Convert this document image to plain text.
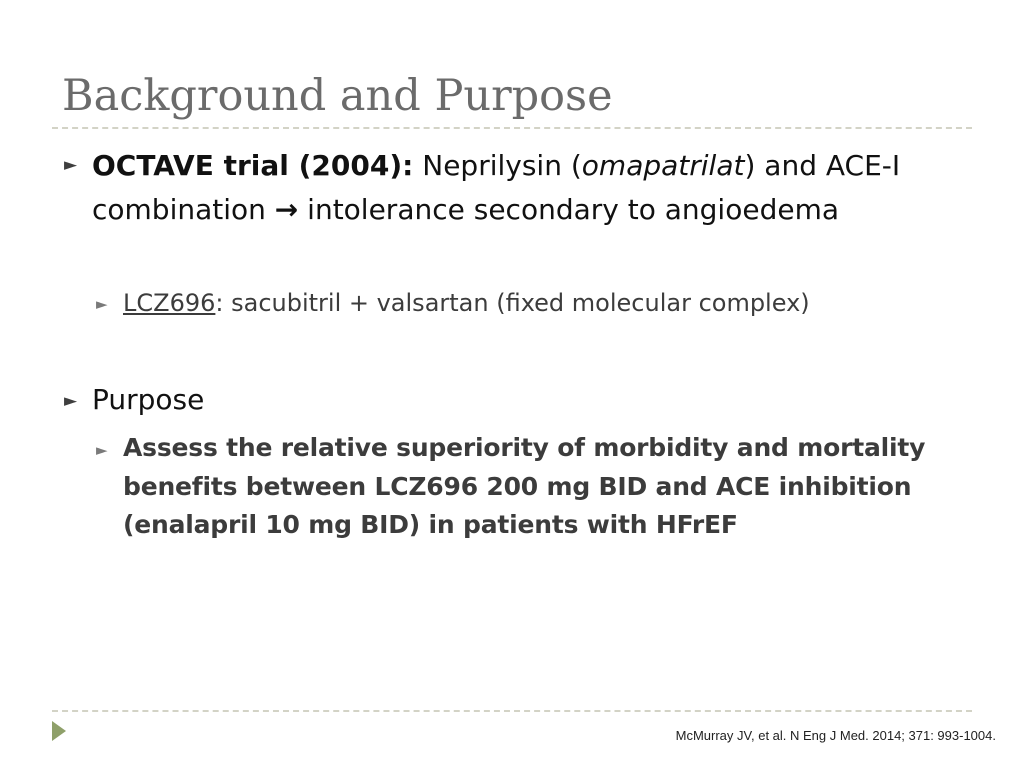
Background and Purpose
► OCTAVE trial (2004): Neprilysin (omapatrilat) and ACE-I combination → intolerance secondary to angioedema
► LCZ696: sacubitril + valsartan (fixed molecular complex)
► Purpose
► Assess the relative superiority of morbidity and mortality benefits between LCZ696 200 mg BID and ACE inhibition (enalapril 10 mg BID) in patients with HFrEF
McMurray JV, et al. N Eng J Med. 2014; 371: 993-1004.
